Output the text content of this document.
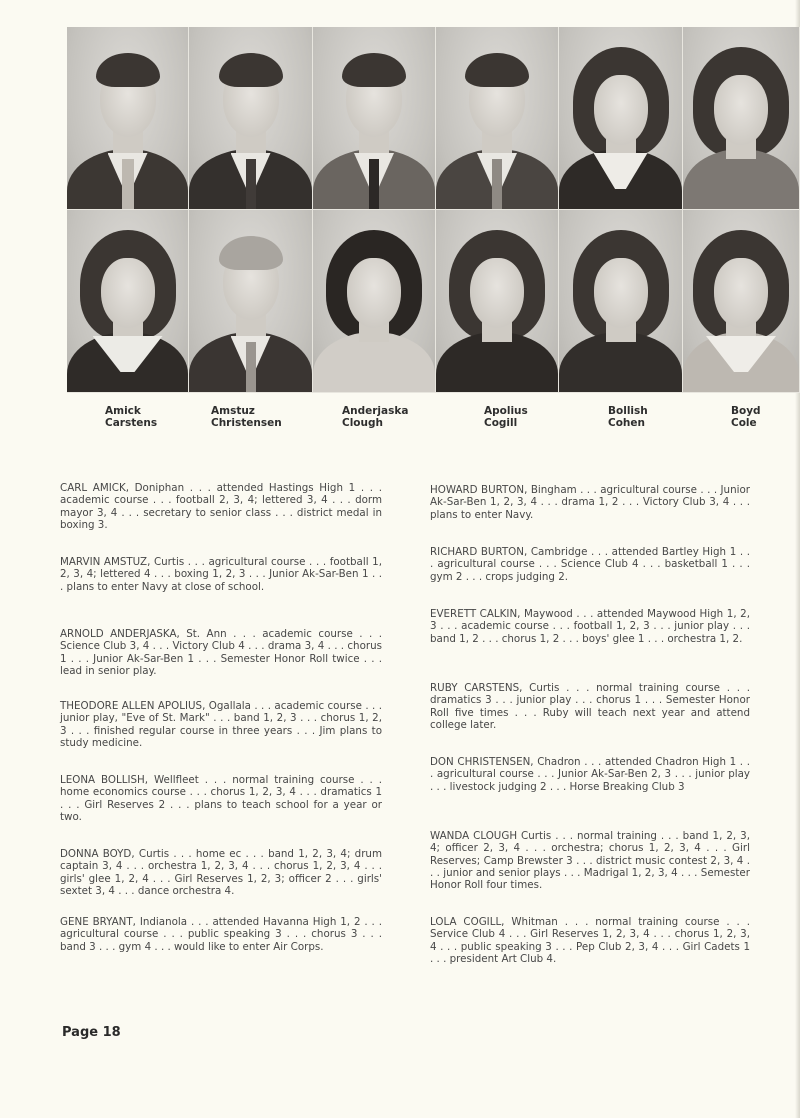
Amick
Carstens
Amstuz
Christensen
Anderjaska
Clough
Apolius
Cogill
Bollish
Cohen
Boyd
Cole

CARL AMICK, Doniphan . . . attended Hastings High 1 . . . academic course . . . football 2, 3, 4; lettered 3, 4 . . . dorm mayor 3, 4 . . . secretary to senior class . . . district medal in boxing 3.

MARVIN AMSTUZ, Curtis . . . agricultural course . . . football 1, 2, 3, 4; lettered 4 . . . boxing 1, 2, 3 . . . Junior Ak-Sar-Ben 1 . . . plans to enter Navy at close of school.

ARNOLD ANDERJASKA, St. Ann . . . academic course . . . Science Club 3, 4 . . . Victory Club 4 . . . drama 3, 4 . . . chorus 1 . . . Junior Ak-Sar-Ben 1 . . . Semester Honor Roll twice . . . lead in senior play.

THEODORE ALLEN APOLIUS, Ogallala . . . academic course . . . junior play, "Eve of St. Mark" . . . band 1, 2, 3 . . . chorus 1, 2, 3 . . . finished regular course in three years . . . Jim plans to study medicine.

LEONA BOLLISH, Wellfleet . . . normal training course . . . home economics course . . . chorus 1, 2, 3, 4 . . . dramatics 1 . . . Girl Reserves 2 . . . plans to teach school for a year or two.

DONNA BOYD, Curtis . . . home ec . . . band 1, 2, 3, 4; drum captain 3, 4 . . . orchestra 1, 2, 3, 4 . . . chorus 1, 2, 3, 4 . . . girls' glee 1, 2, 4 . . . Girl Reserves 1, 2, 3; officer 2 . . . girls' sextet 3, 4 . . . dance orchestra 4.

GENE BRYANT, Indianola . . . attended Havanna High 1, 2 . . . agricultural course . . . public speaking 3 . . . chorus 3 . . . band 3 . . . gym 4 . . . would like to enter Air Corps.

HOWARD BURTON, Bingham . . . agricultural course . . . Junior Ak-Sar-Ben 1, 2, 3, 4 . . . drama 1, 2 . . . Victory Club 3, 4 . . . plans to enter Navy.

RICHARD BURTON, Cambridge . . . attended Bartley High 1 . . . agricultural course . . . Science Club 4 . . . basketball 1 . . . gym 2 . . . crops judging 2.

EVERETT CALKIN, Maywood . . . attended Maywood High 1, 2, 3 . . . academic course . . . football 1, 2, 3 . . . junior play . . . band 1, 2 . . . chorus 1, 2 . . . boys' glee 1 . . . orchestra 1, 2.

RUBY CARSTENS, Curtis . . . normal training course . . . dramatics 3 . . . junior play . . . chorus 1 . . . Semester Honor Roll five times . . . Ruby will teach next year and attend college later.

DON CHRISTENSEN, Chadron . . . attended Chadron High 1 . . . agricultural course . . . Junior Ak-Sar-Ben 2, 3 . . . junior play . . . livestock judging 2 . . . Horse Breaking Club 3

WANDA CLOUGH Curtis . . . normal training . . . band 1, 2, 3, 4; officer 2, 3, 4 . . . orchestra; chorus 1, 2, 3, 4 . . . Girl Reserves; Camp Brewster 3 . . . district music contest 2, 3, 4 . . . junior and senior plays . . . Madrigal 1, 2, 3, 4 . . . Semester Honor Roll four times.

LOLA COGILL, Whitman . . . normal training course . . . Service Club 4 . . . Girl Reserves 1, 2, 3, 4 . . . chorus 1, 2, 3, 4 . . . public speaking 3 . . . Pep Club 2, 3, 4 . . . Girl Cadets 1 . . . president Art Club 4.

Page 18
